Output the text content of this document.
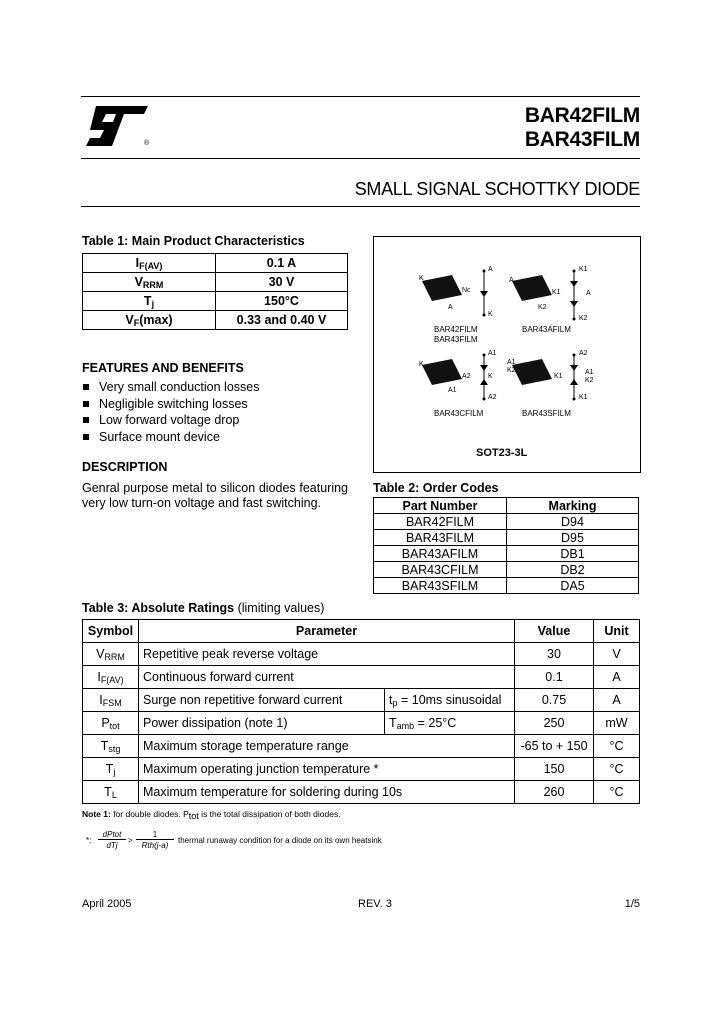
®
BAR42FILM
BAR43FILM
SMALL SIGNAL SCHOTTKY DIODE
Table 1: Main Product Characteristics
$I_{F(AV)}$	0.1 A
$V_{RRM}$	30 V
$T_j$	150°C
$V_F(\max)$	0.33 and 0.40 V
FEATURES AND BENEFITS
Very small conduction losses
Negligible switching losses
Low forward voltage drop
Surface mount device
DESCRIPTION
Genral purpose metal to silicon diodes featuring
very low turn-on voltage and fast switching.
K
Nc
A
A
K
A
K1
K2
K1
A
K2
K
A2
A1
A1
K
A2
A1
K2
K1
A2
A1
K2
K1
BAR42FILM
BAR43FILM
BAR43AFILM
BAR43CFILM	BAR43SFILM
SOT23-3L
Table 2: Order Codes
Part Number	Marking
BAR42FILM	D94
BAR43FILM	D95
BAR43AFILM	DB1
BAR43CFILM	DB2
BAR43SFILM	DA5
Table 3: Absolute Ratings (limiting values)
Symbol	Parameter		Value	Unit
$V_{RRM}$	Repetitive peak reverse voltage		30	V
$I_{F(AV)}$	Continuous forward current		0.1	A
$I_{FSM}$	Surge non repetitive forward current	$t_p = 10ms$ sinusoidal	0.75	A
$P_{tot}$	Power dissipation (note 1)	$T_{amb} = 25^\circ C$	250	mW
$T_{stg}$	Maximum storage temperature range		-65 to + 150	°C
$T_j$	Maximum operating junction temperature *		150	°C
$T_L$	Maximum temperature for soldering during 10s		260	°C
Note 1: for double diodes. $P_{tot}$ is the total dissipation of both diodes.
*:
dPtot
dTj
>
1
Rth(j-a)
thermal runaway condition for a diode on its own heatsink
April 2005	REV. 3	1/5
